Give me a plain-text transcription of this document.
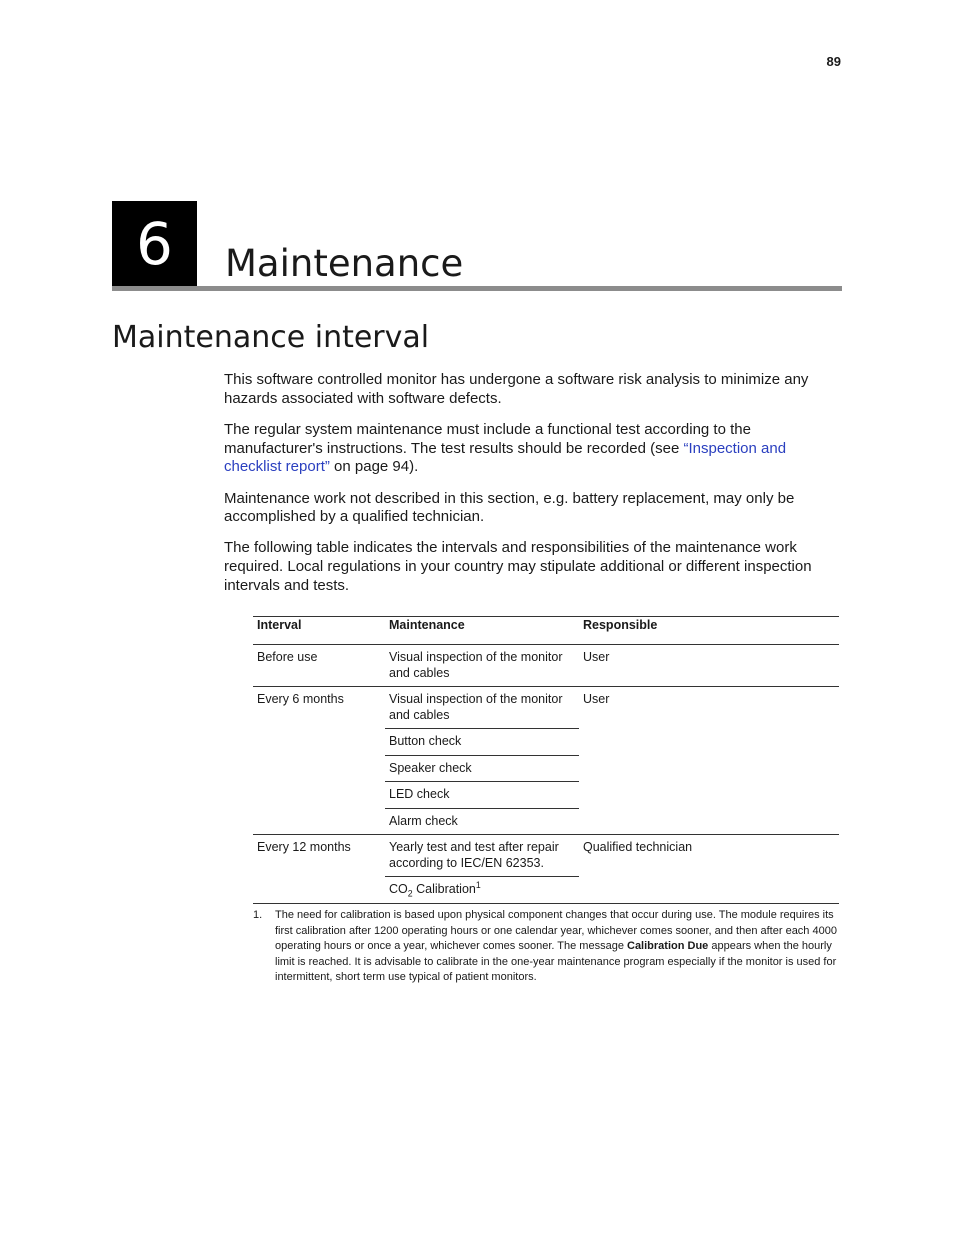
89
6 Maintenance
Maintenance interval

This software controlled monitor has undergone a software risk analysis to minimize any hazards associated with software defects.

The regular system maintenance must include a functional test according to the manufacturer's instructions. The test results should be recorded (see “Inspection and checklist report” on page 94).

Maintenance work not described in this section, e.g. battery replacement, may only be accomplished by a qualified technician.

The following table indicates the intervals and responsibilities of the maintenance work required. Local regulations in your country may stipulate additional or different inspection intervals and tests.

Interval	Maintenance	Responsible
Before use	Visual inspection of the monitor and cables	User
Every 6 months	Visual inspection of the monitor and cables	User
	Button check	
	Speaker check	
	LED check	
	Alarm check	
Every 12 months	Yearly test and test after repair according to IEC/EN 62353.	Qualified technician
	$CO_2$ Calibration$^1$
1.	The need for calibration is based upon physical component changes that occur during use. The module requires its first calibration after 1200 operating hours or one calendar year, whichever comes sooner, and then after each 4000 operating hours or once a year, whichever comes sooner. The message Calibration Due appears when the hourly limit is reached. It is advisable to calibrate in the one-year maintenance program especially if the monitor is used for intermittent, short term use typical of patient monitors.
